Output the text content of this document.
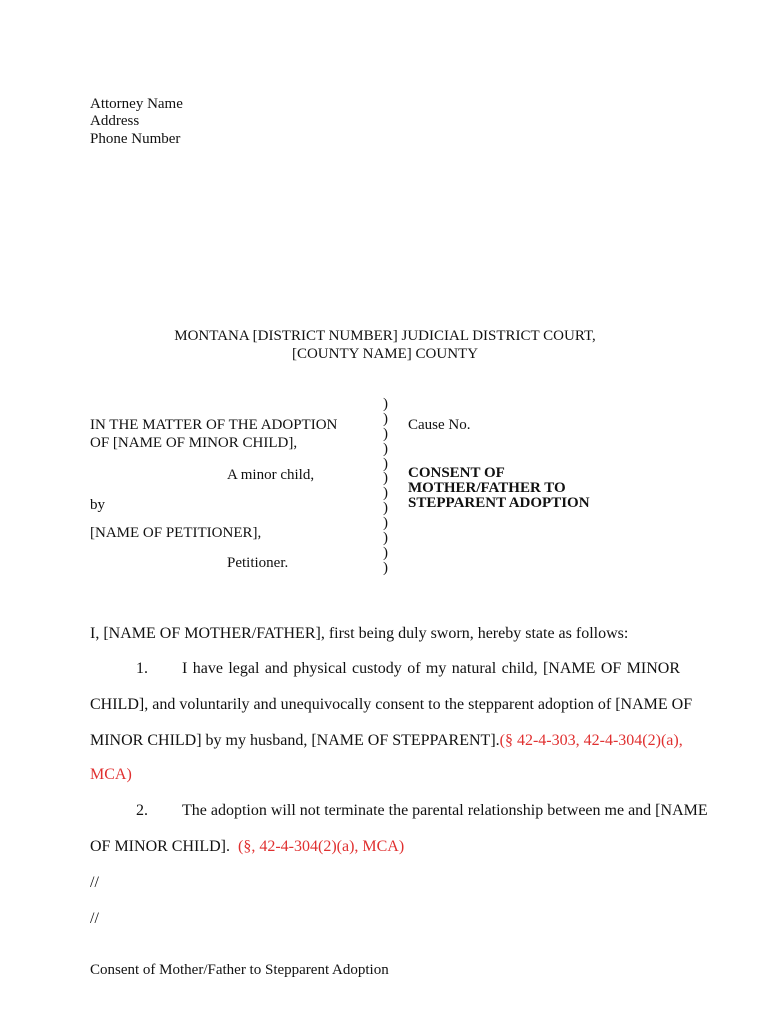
Attorney Name
Address
Phone Number
MONTANA [DISTRICT NUMBER] JUDICIAL DISTRICT COURT,
[COUNTY NAME] COUNTY
IN THE MATTER OF THE ADOPTION
OF [NAME OF MINOR CHILD],
A minor child,
by
[NAME OF PETITIONER],
Petitioner.
)
)
)
)
)
)
)
)
)
)
)
)
Cause No.
CONSENT OF
MOTHER/FATHER TO
STEPPARENT ADOPTION
I, [NAME OF MOTHER/FATHER], first being duly sworn, hereby state as follows:
1. I have legal and physical custody of my natural child, [NAME OF MINOR
CHILD], and voluntarily and unequivocally consent to the stepparent adoption of [NAME OF
MINOR CHILD] by my husband, [NAME OF STEPPARENT]. (§ 42-4-303, 42-4-304(2)(a),
MCA)
2. The adoption will not terminate the parental relationship between me and [NAME
OF MINOR CHILD]. (§, 42-4-304(2)(a), MCA)
//
//
Consent of Mother/Father to Stepparent Adoption
